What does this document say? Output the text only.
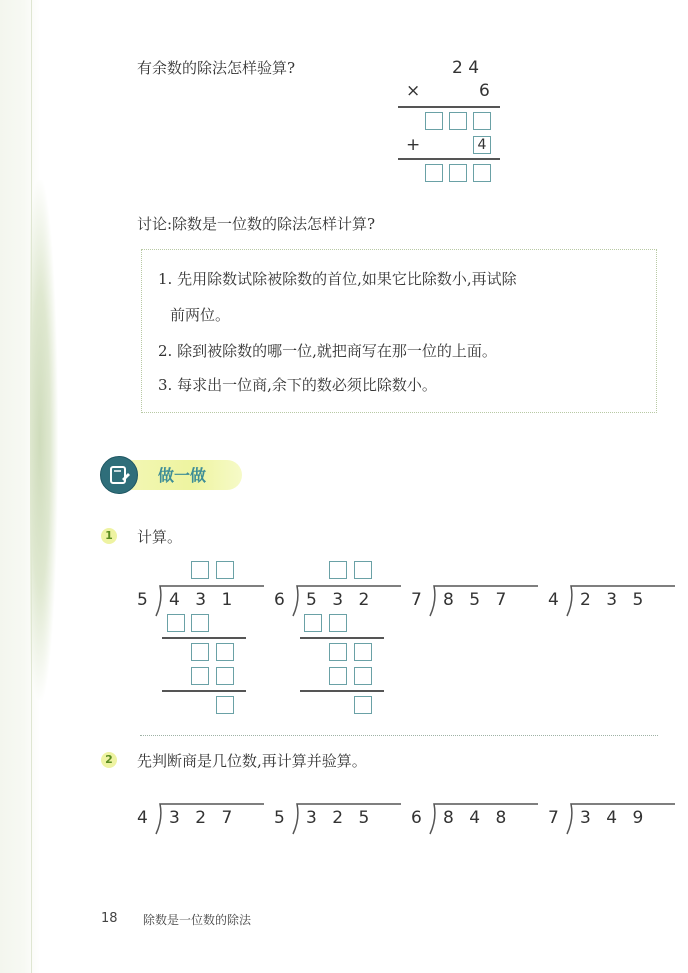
有余数的除法怎样验算?	2 4
×	6
+	4
讨论:除数是一位数的除法怎样计算?
1. 先用除数试除被除数的首位,如果它比除数小,再试除
前两位。
2. 除到被除数的哪一位,就把商写在那一位的上面。
3. 每求出一位商,余下的数必须比除数小。
做一做
1 计算。
5 4 3 1 6 5 3 2 7 8 5 7 4 2 3 5
2 先判断商是几位数,再计算并验算。
4 3 2 7 5 3 2 5 6 8 4 8 7 3 4 9
18 除数是一位数的除法
